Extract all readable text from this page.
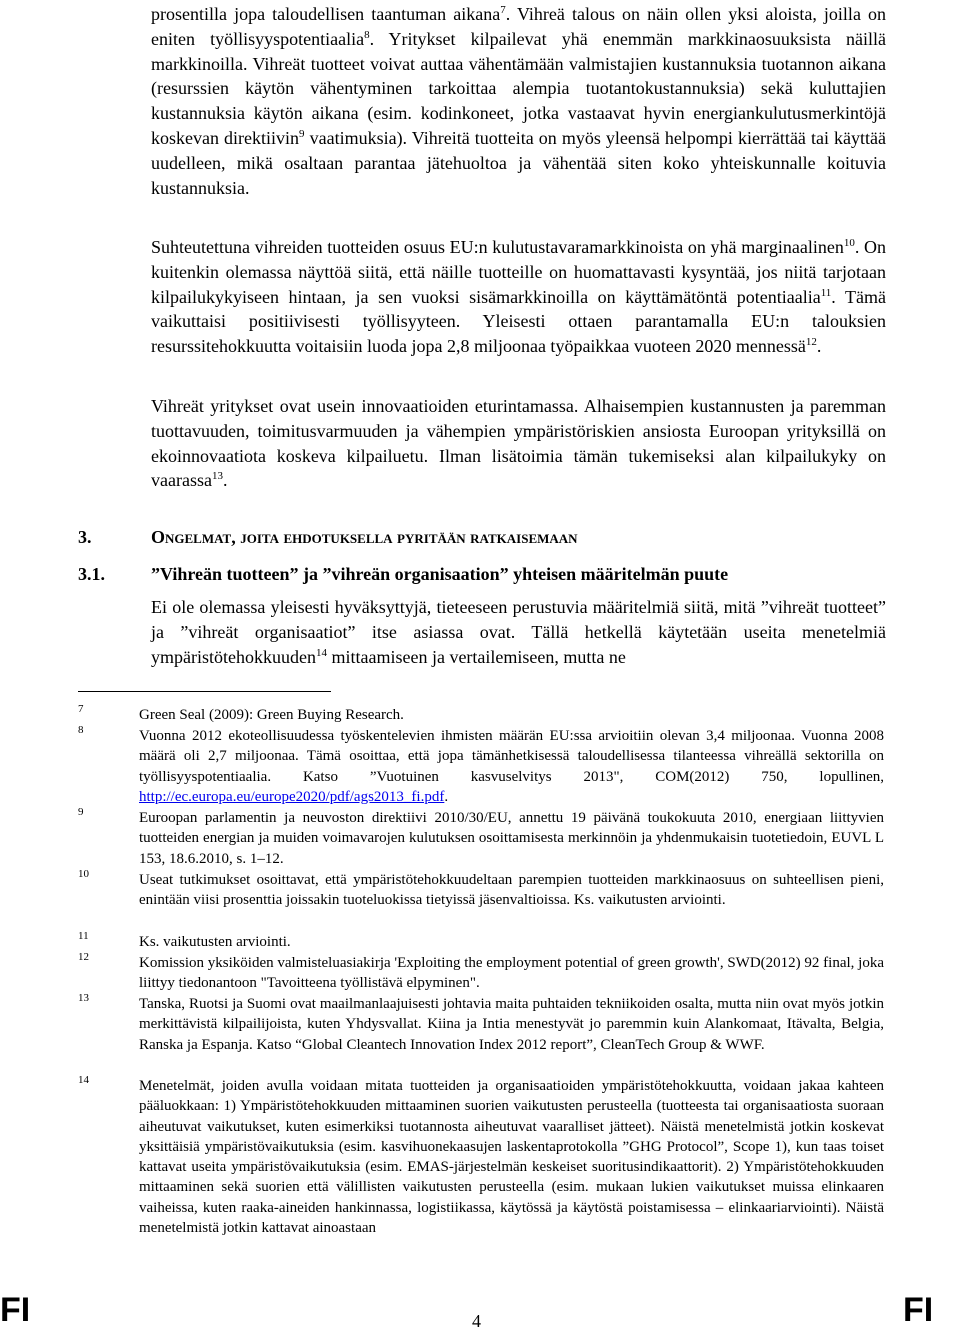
prosentilla jopa taloudellisen taantuman aikana$^7$. Vihreä talous on näin ollen yksi aloista, joilla on eniten työllisyyspotentiaalia$^8$. Yritykset kilpailevat yhä enemmän markkinaosuuksista näillä markkinoilla. Vihreät tuotteet voivat auttaa vähentämään valmistajien kustannuksia tuotannon aikana (resurssien käytön vähentyminen tarkoittaa alempia tuotantokustannuksia) sekä kuluttajien kustannuksia käytön aikana (esim. kodinkoneet, jotka vastaavat hyvin energiankulutusmerkintöjä koskevan direktiivin$^9$ vaatimuksia). Vihreitä tuotteita on myös yleensä helpompi kierrättää tai käyttää uudelleen, mikä osaltaan parantaa jätehuoltoa ja vähentää siten koko yhteiskunnalle koituvia kustannuksia.

Suhteutettuna vihreiden tuotteiden osuus EU:n kulutustavaramarkkinoista on yhä marginaalinen$^{10}$. On kuitenkin olemassa näyttöä siitä, että näille tuotteille on huomattavasti kysyntää, jos niitä tarjotaan kilpailukykyiseen hintaan, ja sen vuoksi sisämarkkinoilla on käyttämätöntä potentiaalia$^{11}$. Tämä vaikuttaisi positiivisesti työllisyyteen. Yleisesti ottaen parantamalla EU:n talouksien resurssitehokkuutta voitaisiin luoda jopa 2,8 miljoonaa työpaikkaa vuoteen 2020 mennessä$^{12}$.

Vihreät yritykset ovat usein innovaatioiden eturintamassa. Alhaisempien kustannusten ja paremman tuottavuuden, toimitusvarmuuden ja vähempien ympäristöriskien ansiosta Euroopan yrityksillä on ekoinnovaatiota koskeva kilpailuetu. Ilman lisätoimia tämän tukemiseksi alan kilpailukyky on vaarassa$^{13}$.

3.	Ongelmat, joita ehdotuksella pyritään ratkaisemaan
3.1.	”Vihreän tuotteen” ja ”vihreän organisaation” yhteisen määritelmän puute

Ei ole olemassa yleisesti hyväksyttyjä, tieteeseen perustuvia määritelmiä siitä, mitä ”vihreät tuotteet” ja ”vihreät organisaatiot” itse asiassa ovat. Tällä hetkellä käytetään useita menetelmiä ympäristötehokkuuden$^{14}$ mittaamiseen ja vertailemiseen, mutta ne

7	Green Seal (2009): Green Buying Research.

8	Vuonna 2012 ekoteollisuudessa työskentelevien ihmisten määrän EU:ssa arvioitiin olevan 3,4 miljoonaa. Vuonna 2008 määrä oli 2,7 miljoonaa. Tämä osoittaa, että jopa tämänhetkisessä taloudellisessa tilanteessa vihreällä sektorilla on työllisyyspotentiaalia. Katso ”Vuotuinen kasvuselvitys 2013", COM(2012) 750, lopullinen, http://ec.europa.eu/europe2020/pdf/ags2013_fi.pdf.

9	Euroopan parlamentin ja neuvoston direktiivi 2010/30/EU, annettu 19 päivänä toukokuuta 2010, energiaan liittyvien tuotteiden energian ja muiden voimavarojen kulutuksen osoittamisesta merkinnöin ja yhdenmukaisin tuotetiedoin, EUVL L 153, 18.6.2010, s. 1–12.

10	Useat tutkimukset osoittavat, että ympäristötehokkuudeltaan parempien tuotteiden markkinaosuus on suhteellisen pieni, enintään viisi prosenttia joissakin tuoteluokissa tietyissä jäsenvaltioissa. Ks. vaikutusten arviointi.

11	Ks. vaikutusten arviointi.

12	Komission yksiköiden valmisteluasiakirja 'Exploiting the employment potential of green growth', SWD(2012) 92 final, joka liittyy tiedonantoon "Tavoitteena työllistävä elpyminen".

13	Tanska, Ruotsi ja Suomi ovat maailmanlaajuisesti johtavia maita puhtaiden tekniikoiden osalta, mutta niin ovat myös jotkin merkittävistä kilpailijoista, kuten Yhdysvallat. Kiina ja Intia menestyvät jo paremmin kuin Alankomaat, Itävalta, Belgia, Ranska ja Espanja. Katso “Global Cleantech Innovation Index 2012 report”, CleanTech Group & WWF.

14	Menetelmät, joiden avulla voidaan mitata tuotteiden ja organisaatioiden ympäristötehokkuutta, voidaan jakaa kahteen pääluokkaan: 1) Ympäristötehokkuuden mittaaminen suorien vaikutusten perusteella (tuotteesta tai organisaatiosta suoraan aiheutuvat vaikutukset, kuten esimerkiksi tuotannosta aiheutuvat vaaralliset jätteet). Näistä menetelmistä jotkin koskevat yksittäisiä ympäristövaikutuksia (esim. kasvihuonekaasujen laskentaprotokolla ”GHG Protocol”, Scope 1), kun taas toiset kattavat useita ympäristövaikutuksia (esim. EMAS-järjestelmän keskeiset suoritusindikaattorit). 2) Ympäristötehokkuuden mittaaminen sekä suorien että välillisten vaikutusten perusteella (esim. mukaan lukien vaikutukset muissa elinkaaren vaiheissa, kuten raaka-aineiden hankinnassa, logistiikassa, käytössä ja käytöstä poistamisessa – elinkaariarviointi). Näistä menetelmistä jotkin kattavat ainoastaan

FI	4	FI
